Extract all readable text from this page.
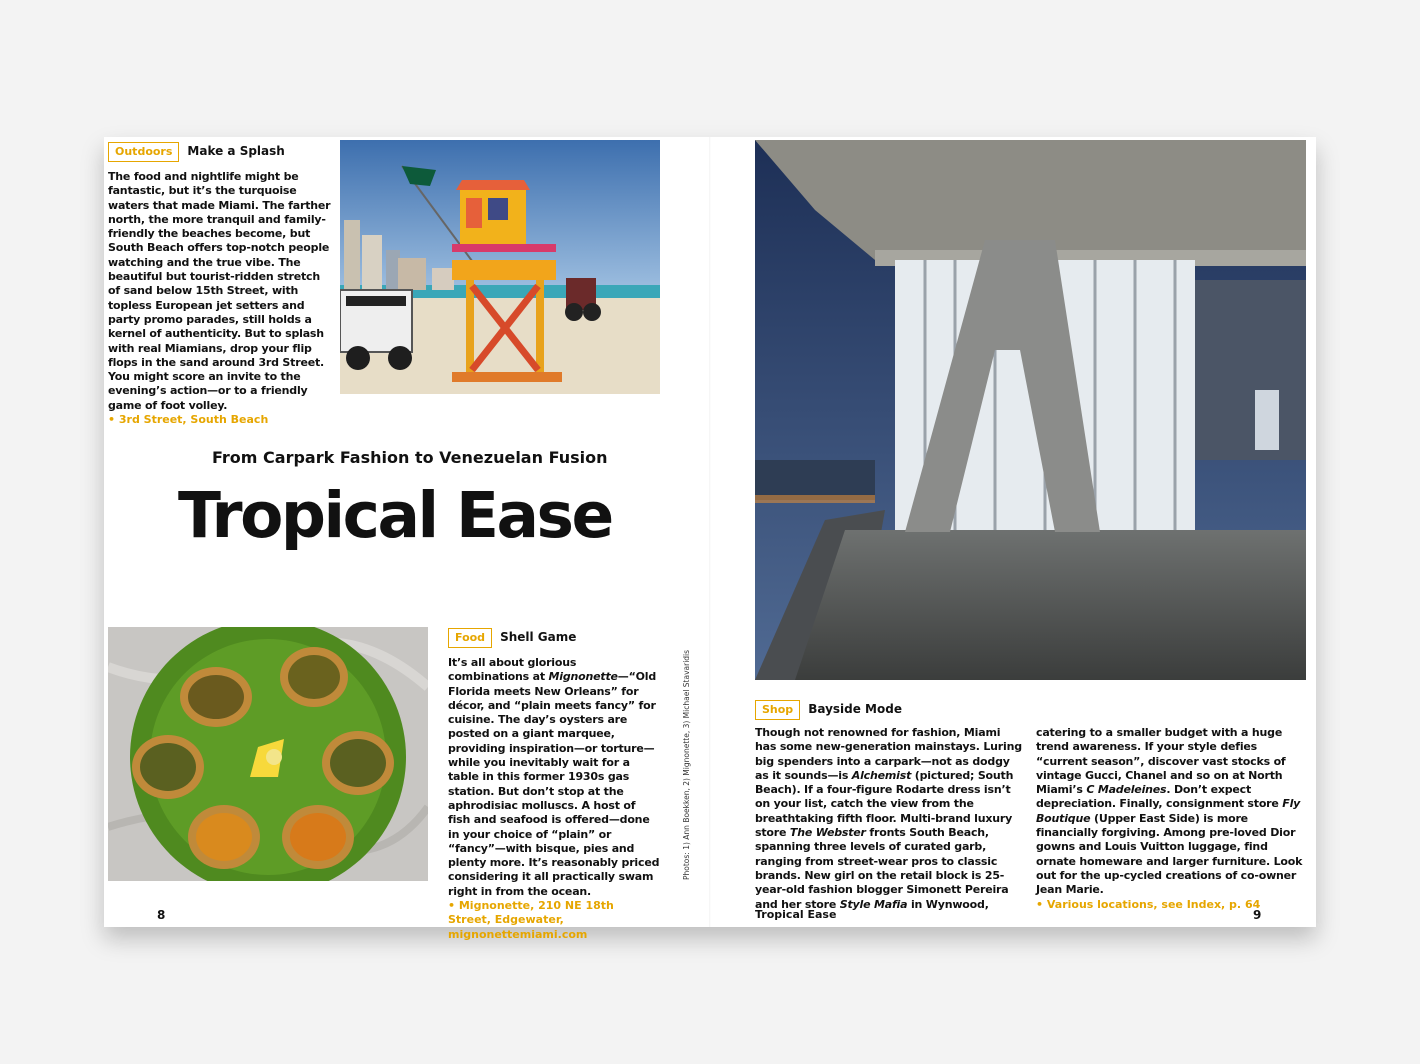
Outdoors Make a Splash
The food and nightlife might be fantastic, but it’s the turquoise waters that made Miami. The farther north, the more tranquil and family-friendly the beaches become, but South Beach offers top-notch people watching and the true vibe. The beautiful but tourist-ridden stretch of sand below 15th Street, with topless European jet setters and party promo parades, still holds a kernel of authenticity. But to splash with real Miamians, drop your flip flops in the sand around 3rd Street. You might score an invite to the evening’s action—or to a friendly game of foot volley.
• 3rd Street, South Beach
From Carpark Fashion to Venezuelan Fusion
Tropical Ease
Food Shell Game
It’s all about glorious combinations at Mignonette—“Old Florida meets New Orleans” for décor, and “plain meets fancy” for cuisine. The day’s oysters are posted on a giant marquee, providing inspiration—or torture—while you inevitably wait for a table in this former 1930s gas station. But don’t stop at the aphrodisiac molluscs. A host of fish and seafood is offered—done in your choice of “plain” or “fancy”—with bisque, pies and plenty more. It’s reasonably priced considering it all practically swam right in from the ocean.
• Mignonette, 210 NE 18th Street, Edgewater, mignonettemiami.com
Photos: 1) Ann Boekken, 2) Mignonette, 3) Michael Stavaridis
8
Shop Bayside Mode
Though not renowned for fashion, Miami has some new-generation mainstays. Luring big spenders into a carpark—not as dodgy as it sounds—is Alchemist (pictured; South Beach). If a four-figure Rodarte dress isn’t on your list, catch the view from the breathtaking fifth floor. Multi-brand luxury store The Webster fronts South Beach, spanning three levels of curated garb, ranging from street-wear pros to classic brands. New girl on the retail block is 25-year-old fashion blogger Simonett Pereira and her store Style Mafia in Wynwood,
catering to a smaller budget with a huge trend awareness. If your style defies “current season”, discover vast stocks of vintage Gucci, Chanel and so on at North Miami’s C Madeleines. Don’t expect depreciation. Finally, consignment store Fly Boutique (Upper East Side) is more financially forgiving. Among pre-loved Dior gowns and Louis Vuitton luggage, find ornate homeware and larger furniture. Look out for the up-cycled creations of co-owner Jean Marie.
• Various locations, see Index, p. 64
Tropical Ease	9
